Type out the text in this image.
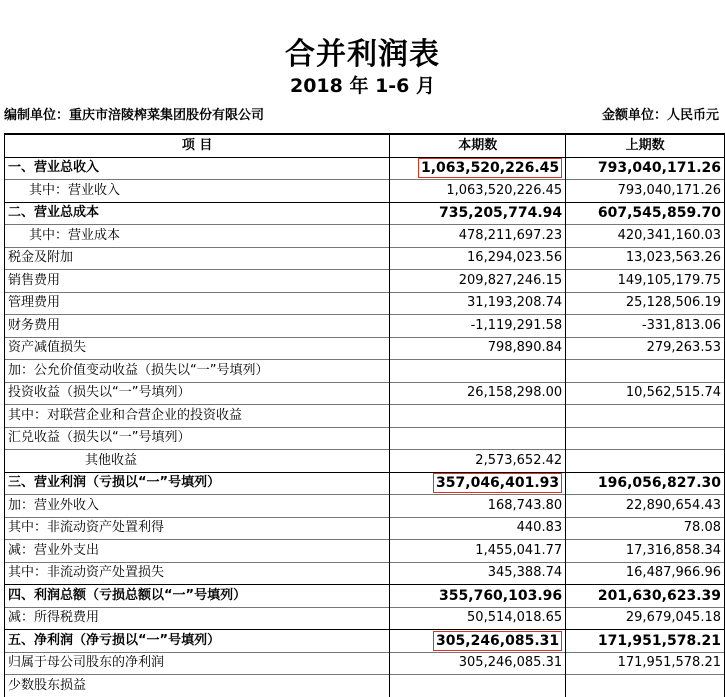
合并利润表
2018 年 1-6 月
编制单位：重庆市涪陵榨菜集团股份有限公司	金额单位：人民币元
项 目	本期数	上期数
一、营业总收入	1,063,520,226.45	793,040,171.26
其中：营业收入	1,063,520,226.45	793,040,171.26
二、营业总成本	735,205,774.94	607,545,859.70
其中：营业成本	478,211,697.23	420,341,160.03
税金及附加	16,294,023.56	13,023,563.26
销售费用	209,827,246.15	149,105,179.75
管理费用	31,193,208.74	25,128,506.19
财务费用	-1,119,291.58	-331,813.06
资产减值损失	798,890.84	279,263.53
加：公允价值变动收益（损失以“一”号填列）		
投资收益（损失以“一”号填列）	26,158,298.00	10,562,515.74
其中：对联营企业和合营企业的投资收益		
汇兑收益（损失以“一”号填列）		
其他收益	2,573,652.42	
三、营业利润（亏损以“一”号填列）	357,046,401.93	196,056,827.30
加：营业外收入	168,743.80	22,890,654.43
其中：非流动资产处置利得	440.83	78.08
减：营业外支出	1,455,041.77	17,316,858.34
其中：非流动资产处置损失	345,388.74	16,487,966.96
四、利润总额（亏损总额以“一”号填列）	355,760,103.96	201,630,623.39
减：所得税费用	50,514,018.65	29,679,045.18
五、净利润（净亏损以“一”号填列）	305,246,085.31	171,951,578.21
归属于母公司股东的净利润	305,246,085.31	171,951,578.21
少数股东损益		
